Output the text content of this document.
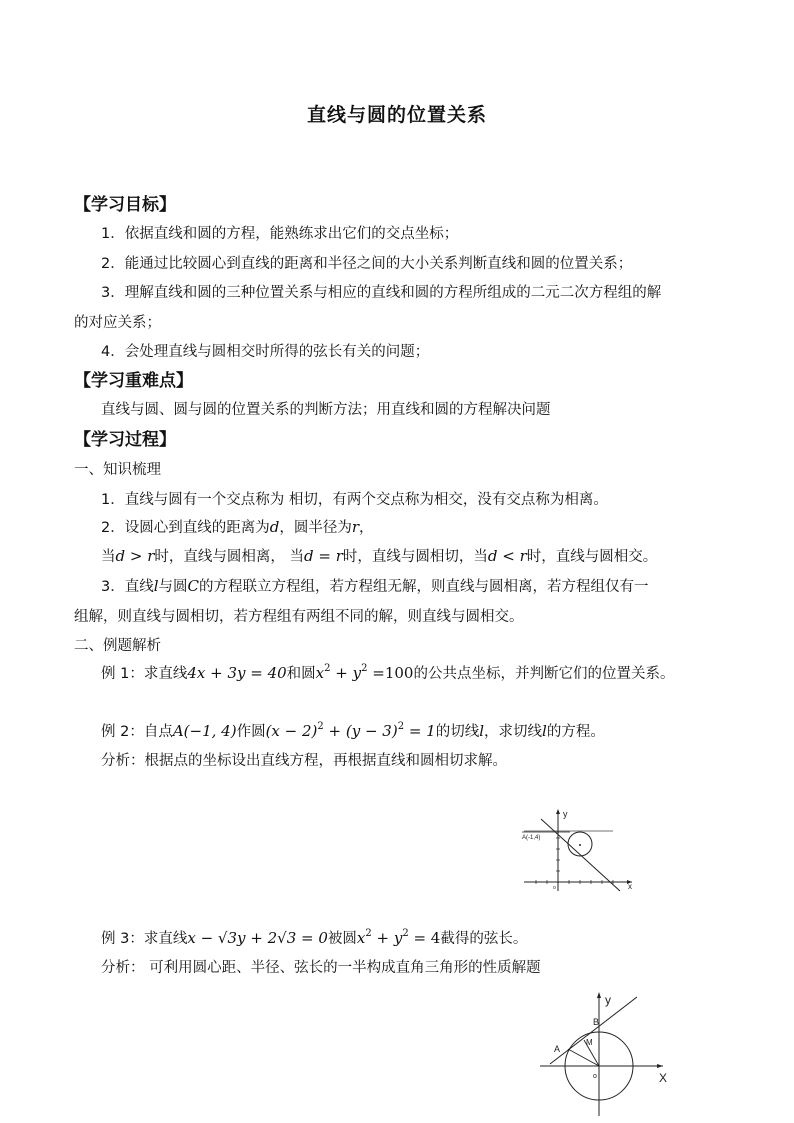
直线与圆的位置关系
【学习目标】
1．依据直线和圆的方程，能熟练求出它们的交点坐标；
2．能通过比较圆心到直线的距离和半径之间的大小关系判断直线和圆的位置关系；
3．理解直线和圆的三种位置关系与相应的直线和圆的方程所组成的二元二次方程组的解
的对应关系；
4．会处理直线与圆相交时所得的弦长有关的问题；
【学习重难点】
直线与圆、圆与圆的位置关系的判断方法；用直线和圆的方程解决问题
【学习过程】
一、知识梳理
1．直线与圆有一个交点称为 相切，有两个交点称为相交，没有交点称为相离。
2．设圆心到直线的距离为d，圆半径为r，
当d > r时，直线与圆相离， 当d = r时，直线与圆相切，当d < r时，直线与圆相交。
3．直线l与圆C的方程联立方程组，若方程组无解，则直线与圆相离，若方程组仅有一
组解，则直线与圆相切，若方程组有两组不同的解，则直线与圆相交。
二、例题解析
例 1：求直线4x + 3y = 40和圆$x^2 + y^2 =100$的公共点坐标，并判断它们的位置关系。
例 2：自点A(−1, 4)作圆$(x - 2)^2 + (y - 3)^2 = 1$的切线l，求切线l的方程。
分析：根据点的坐标设出直线方程，再根据直线和圆相切求解。
A(-1,4)
y
x
o
例 3：求直线x − √3y + 2√3 = 0被圆$x^2 + y^2 = 4$截得的弦长。
分析： 可利用圆心距、半径、弦长的一半构成直角三角形的性质解题
A
B
M
o
y
X
